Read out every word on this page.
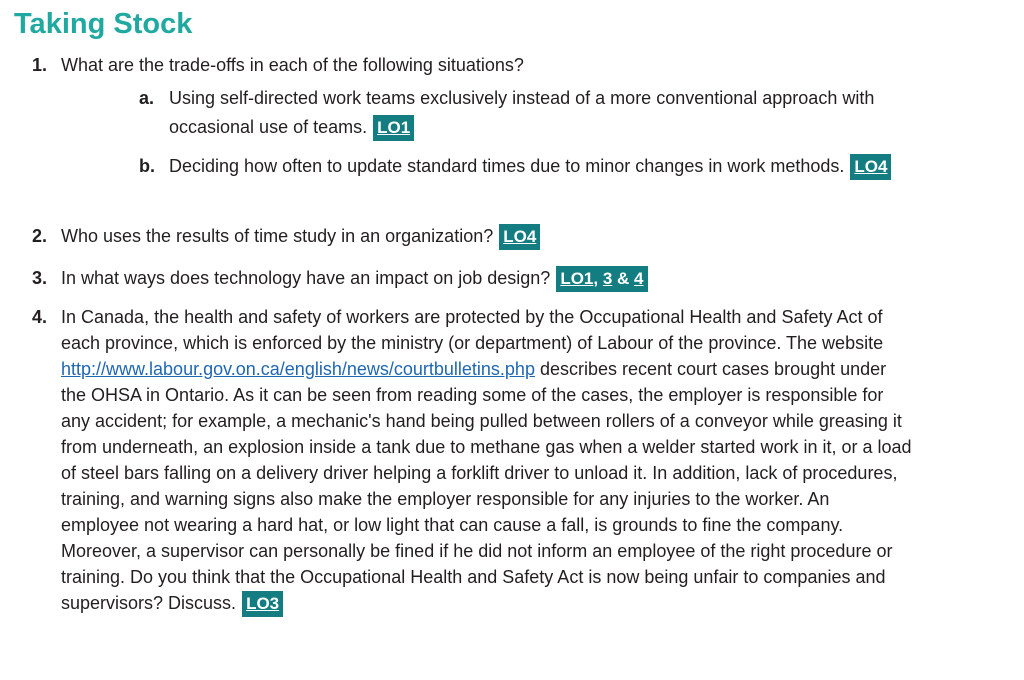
Taking Stock
1. What are the trade-offs in each of the following situations?
a. Using self-directed work teams exclusively instead of a more conventional approach with occasional use of teams. LO1
b. Deciding how often to update standard times due to minor changes in work methods. LO4
2. Who uses the results of time study in an organization? LO4
3. In what ways does technology have an impact on job design? LO1, 3 & 4
4. In Canada, the health and safety of workers are protected by the Occupational Health and Safety Act of each province, which is enforced by the ministry (or department) of Labour of the province. The website http://www.labour.gov.on.ca/english/news/courtbulletins.php describes recent court cases brought under the OHSA in Ontario. As it can be seen from reading some of the cases, the employer is responsible for any accident; for example, a mechanic's hand being pulled between rollers of a conveyor while greasing it from underneath, an explosion inside a tank due to methane gas when a welder started work in it, or a load of steel bars falling on a delivery driver helping a forklift driver to unload it. In addition, lack of procedures, training, and warning signs also make the employer responsible for any injuries to the worker. An employee not wearing a hard hat, or low light that can cause a fall, is grounds to fine the company. Moreover, a supervisor can personally be fined if he did not inform an employee of the right procedure or training. Do you think that the Occupational Health and Safety Act is now being unfair to companies and supervisors? Discuss. LO3
